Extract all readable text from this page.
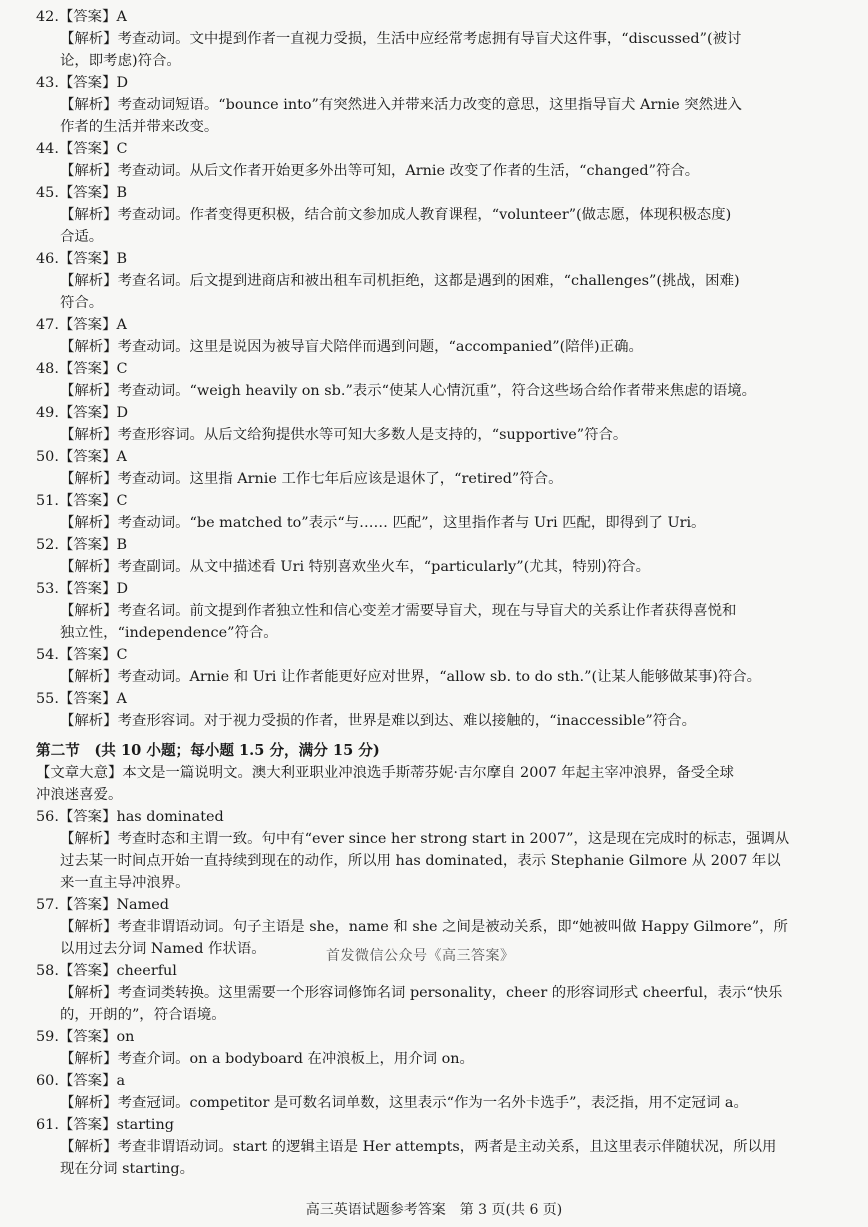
42.【答案】A
【解析】考查动词。文中提到作者一直视力受损，生活中应经常考虑拥有导盲犬这件事，“discussed”(被讨
论，即考虑)符合。
43.【答案】D
【解析】考查动词短语。“bounce into”有突然进入并带来活力改变的意思，这里指导盲犬 Arnie 突然进入
作者的生活并带来改变。
44.【答案】C
【解析】考查动词。从后文作者开始更多外出等可知，Arnie 改变了作者的生活，“changed”符合。
45.【答案】B
【解析】考查动词。作者变得更积极，结合前文参加成人教育课程，“volunteer”(做志愿，体现积极态度)
合适。
46.【答案】B
【解析】考查名词。后文提到进商店和被出租车司机拒绝，这都是遇到的困难，“challenges”(挑战，困难)
符合。
47.【答案】A
【解析】考查动词。这里是说因为被导盲犬陪伴而遇到问题，“accompanied”(陪伴)正确。
48.【答案】C
【解析】考查动词。“weigh heavily on sb.”表示“使某人心情沉重”，符合这些场合给作者带来焦虑的语境。
49.【答案】D
【解析】考查形容词。从后文给狗提供水等可知大多数人是支持的，“supportive”符合。
50.【答案】A
【解析】考查动词。这里指 Arnie 工作七年后应该是退休了，“retired”符合。
51.【答案】C
【解析】考查动词。“be matched to”表示“与…… 匹配”，这里指作者与 Uri 匹配，即得到了 Uri。
52.【答案】B
【解析】考查副词。从文中描述看 Uri 特别喜欢坐火车，“particularly”(尤其，特别)符合。
53.【答案】D
【解析】考查名词。前文提到作者独立性和信心变差才需要导盲犬，现在与导盲犬的关系让作者获得喜悦和
独立性，“independence”符合。
54.【答案】C
【解析】考查动词。Arnie 和 Uri 让作者能更好应对世界，“allow sb. to do sth.”(让某人能够做某事)符合。
55.【答案】A
【解析】考查形容词。对于视力受损的作者，世界是难以到达、难以接触的，“inaccessible”符合。
第二节　(共 10 小题；每小题 1.5 分，满分 15 分)
【文章大意】本文是一篇说明文。澳大利亚职业冲浪选手斯蒂芬妮·吉尔摩自 2007 年起主宰冲浪界，备受全球
冲浪迷喜爱。
56.【答案】has dominated
【解析】考查时态和主谓一致。句中有“ever since her strong start in 2007”，这是现在完成时的标志，强调从
过去某一时间点开始一直持续到现在的动作，所以用 has dominated，表示 Stephanie Gilmore 从 2007 年以
来一直主导冲浪界。
57.【答案】Named
【解析】考查非谓语动词。句子主语是 she，name 和 she 之间是被动关系，即“她被叫做 Happy Gilmore”，所
以用过去分词 Named 作状语。
58.【答案】cheerful
【解析】考查词类转换。这里需要一个形容词修饰名词 personality，cheer 的形容词形式 cheerful，表示“快乐
的，开朗的”，符合语境。
59.【答案】on
【解析】考查介词。on a bodyboard 在冲浪板上，用介词 on。
60.【答案】a
【解析】考查冠词。competitor 是可数名词单数，这里表示“作为一名外卡选手”，表泛指，用不定冠词 a。
61.【答案】starting
【解析】考查非谓语动词。start 的逻辑主语是 Her attempts，两者是主动关系，且这里表示伴随状况，所以用
现在分词 starting。
首发微信公众号《高三答案》
高三英语试题参考答案　第 3 页(共 6 页)
